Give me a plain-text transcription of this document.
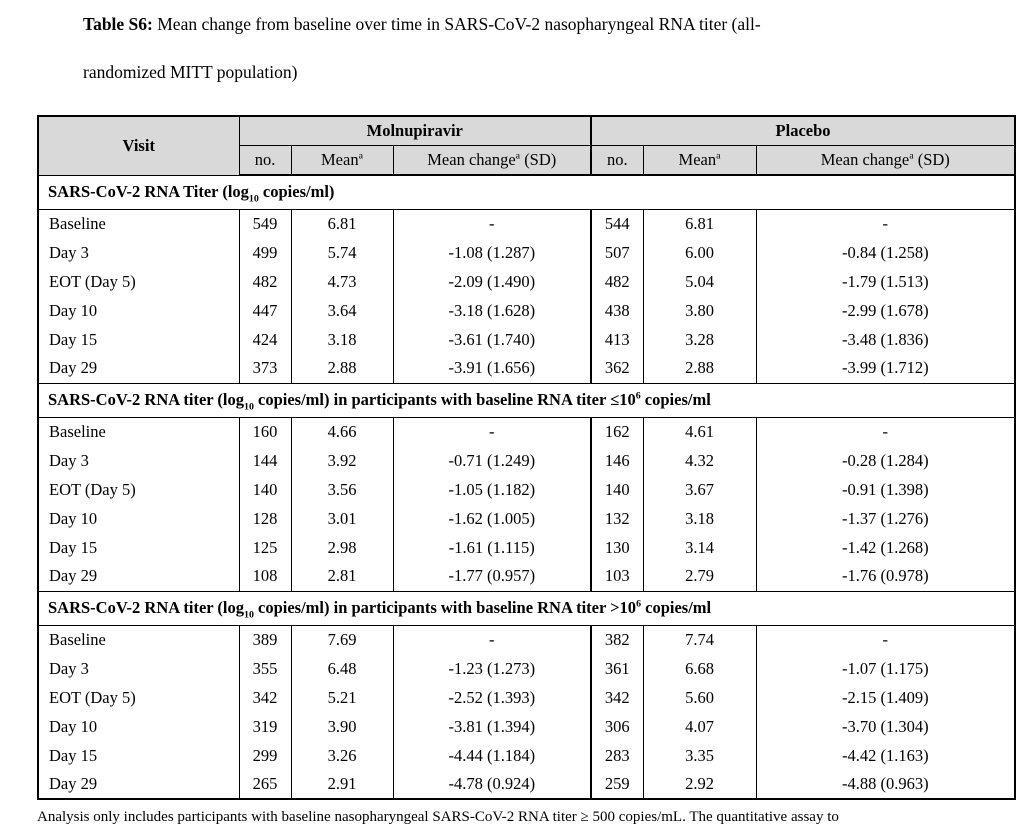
Table S6: Mean change from baseline over time in SARS-CoV-2 nasopharyngeal RNA titer (all-

randomized MITT population)

Visit	Molnupiravir			Placebo		
	no.	Mean$^a$	Mean change$^a$ (SD)	no.	Mean$^a$	Mean change$^a$ (SD)
SARS-CoV-2 RNA Titer ($\log_{10}$ copies/ml)						
Baseline	549	6.81	-	544	6.81	-
Day 3	499	5.74	-1.08 (1.287)	507	6.00	-0.84 (1.258)
EOT (Day 5)	482	4.73	-2.09 (1.490)	482	5.04	-1.79 (1.513)
Day 10	447	3.64	-3.18 (1.628)	438	3.80	-2.99 (1.678)
Day 15	424	3.18	-3.61 (1.740)	413	3.28	-3.48 (1.836)
Day 29	373	2.88	-3.91 (1.656)	362	2.88	-3.99 (1.712)
SARS-CoV-2 RNA titer ($\log_{10}$ copies/ml) in participants with baseline RNA titer $\le 10^6$ copies/ml						
Baseline	160	4.66	-	162	4.61	-
Day 3	144	3.92	-0.71 (1.249)	146	4.32	-0.28 (1.284)
EOT (Day 5)	140	3.56	-1.05 (1.182)	140	3.67	-0.91 (1.398)
Day 10	128	3.01	-1.62 (1.005)	132	3.18	-1.37 (1.276)
Day 15	125	2.98	-1.61 (1.115)	130	3.14	-1.42 (1.268)
Day 29	108	2.81	-1.77 (0.957)	103	2.79	-1.76 (0.978)
SARS-CoV-2 RNA titer ($\log_{10}$ copies/ml) in participants with baseline RNA titer $>10^6$ copies/ml						
Baseline	389	7.69	-	382	7.74	-
Day 3	355	6.48	-1.23 (1.273)	361	6.68	-1.07 (1.175)
EOT (Day 5)	342	5.21	-2.52 (1.393)	342	5.60	-2.15 (1.409)
Day 10	319	3.90	-3.81 (1.394)	306	4.07	-3.70 (1.304)
Day 15	299	3.26	-4.44 (1.184)	283	3.35	-4.42 (1.163)
Day 29	265	2.91	-4.78 (0.924)	259	2.92	-4.88 (0.963)

Analysis only includes participants with baseline nasopharyngeal SARS-CoV-2 RNA titer ≥ 500 copies/mL. The quantitative assay to
